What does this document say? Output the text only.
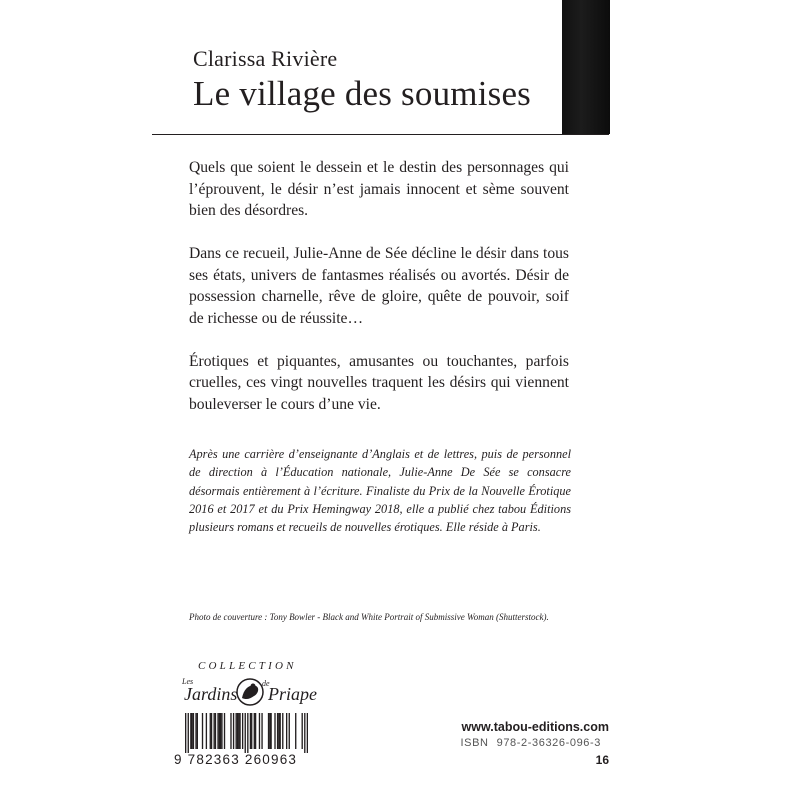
Clarissa Rivière
Le village des soumises

Quels que soient le dessein et le destin des personnages qui l’éprouvent, le désir n’est jamais innocent et sème souvent bien des désordres.

Dans ce recueil, Julie-Anne de Sée décline le désir dans tous ses états, univers de fantasmes réalisés ou avortés. Désir de possession charnelle, rêve de gloire, quête de pouvoir, soif de richesse ou de réussite…

Érotiques et piquantes, amusantes ou touchantes, parfois cruelles, ces vingt nouvelles traquent les désirs qui viennent bouleverser le cours d’une vie.

Après une carrière d’enseignante d’Anglais et de lettres, puis de personnel de direction à l’Éducation nationale, Julie-Anne De Sée se consacre désormais entièrement à l’écriture. Finaliste du Prix de la Nouvelle Érotique 2016 et 2017 et du Prix Hemingway 2018, elle a publié chez tabou Éditions plusieurs romans et recueils de nouvelles érotiques. Elle réside à Paris.
Photo de couverture : Tony Bowler - Black and White Portrait of Submissive Woman (Shutterstock).
COLLECTION
Jardins
Les	de
Priape
9 782363 260963
www.tabou-editions.com
ISBN 978-2-36326-096-3
16
